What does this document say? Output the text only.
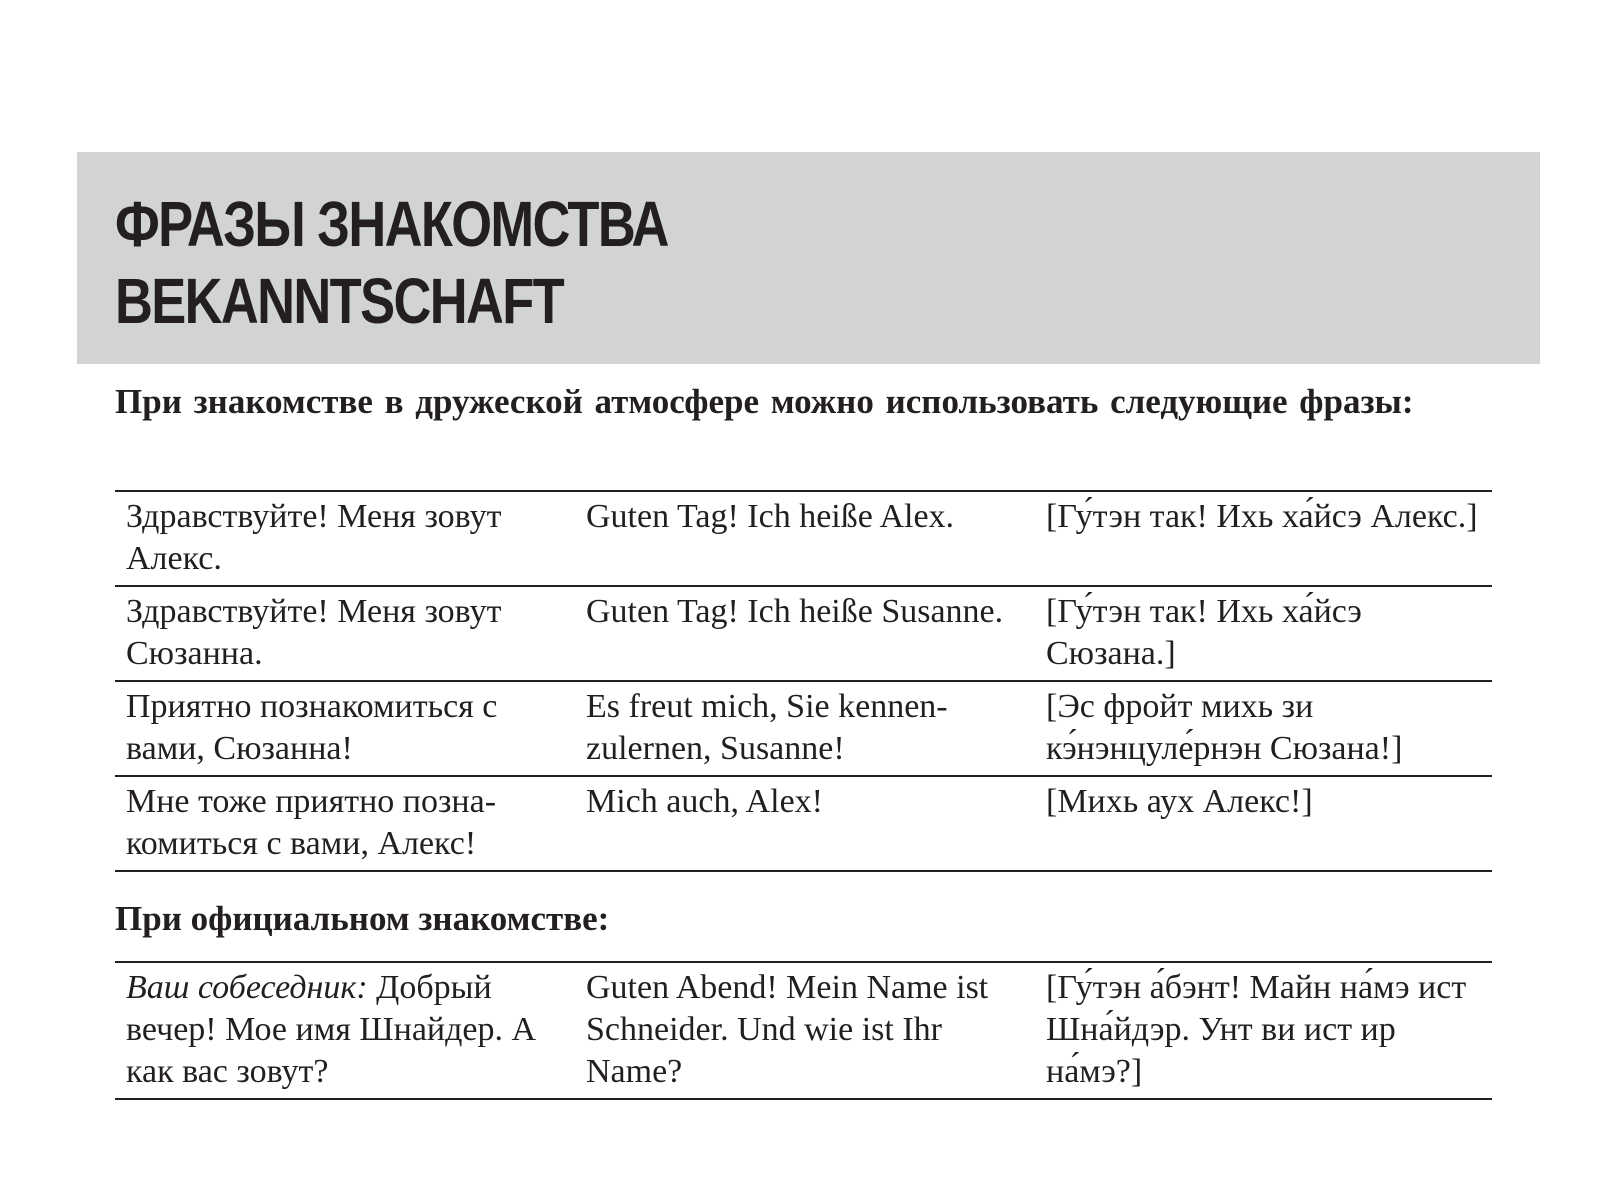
ФРАЗЫ ЗНАКОМСТВА
BEKANNTSCHAFT
При знакомстве в дружеской атмосфере можно использовать следующие фразы:
Здравствуйте! Меня зовут Алекс.	Guten Tag! Ich heiße Alex.	[Гу́тэн так! Ихь ха́йсэ Алекс.]
Здравствуйте! Меня зовут Сюзанна.	Guten Tag! Ich heiße Susanne.	[Гу́тэн так! Ихь ха́йсэ Сюзана.]
Приятно познакомиться с вами, Сюзанна!	Es freut mich, Sie kennenzulernen, Susanne!	[Эс фройт михь зи кэ́нэнцуле́рнэн Сюзана!]
Мне тоже приятно познакомиться с вами, Алекс!	Mich auch, Alex!	[Михь аух Алекс!]
При официальном знакомстве:
Ваш собеседник: Добрый вечер! Мое имя Шнайдер. А как вас зовут?	Guten Abend! Mein Name ist Schneider. Und wie ist Ihr Name?	[Гу́тэн а́бэнт! Майн на́мэ ист Шна́йдэр. Унт ви ист ир на́мэ?]
